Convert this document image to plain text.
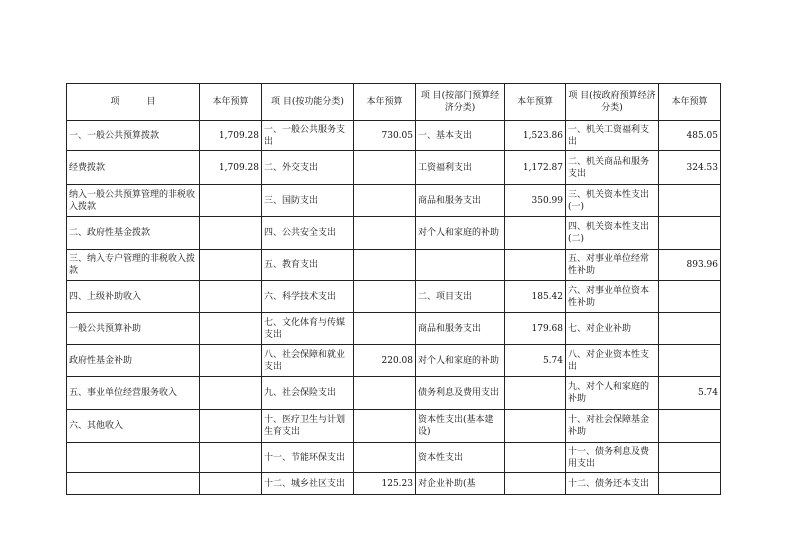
项　　　目	本年预算	项 目(按功能分类)	本年预算	项 目(按部门预算经济分类)	本年预算	项 目(按政府预算经济分类)	本年预算
一、一般公共预算拨款	1,709.28	一、一般公共服务支出	730.05	一、基本支出	1,523.86	一、机关工资福利支出	485.05
经费拨款	1,709.28	二、外交支出		工资福利支出	1,172.87	二、机关商品和服务支出	324.53
纳入一般公共预算管理的非税收入拨款		三、国防支出		商品和服务支出	350.99	三、机关资本性支出(一)	
二、政府性基金拨款		四、公共安全支出		对个人和家庭的补助		四、机关资本性支出(二)	
三、纳入专户管理的非税收入拨款		五、教育支出				五、对事业单位经常性补助	893.96
四、上级补助收入		六、科学技术支出		二、项目支出	185.42	六、对事业单位资本性补助	
一般公共预算补助		七、文化体育与传媒支出		商品和服务支出	179.68	七、对企业补助	
政府性基金补助		八、社会保障和就业支出	220.08	对个人和家庭的补助	5.74	八、对企业资本性支出	
五、事业单位经营服务收入		九、社会保险支出		债务利息及费用支出		九、对个人和家庭的补助	5.74
六、其他收入		十、医疗卫生与计划生育支出		资本性支出(基本建设)		十、对社会保障基金补助	
		十一、节能环保支出		资本性支出		十一、债务利息及费用支出	
		十二、城乡社区支出	125.23	对企业补助(基		十二、债务还本支出	
